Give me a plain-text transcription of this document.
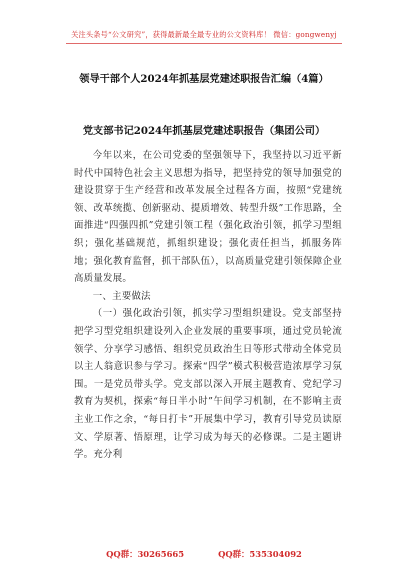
关注头条号“公文研究”，获得最新最全最专业的公文资料库！ 微信：gongwenyj
领导干部个人2024年抓基层党建述职报告汇编（4篇）
党支部书记2024年抓基层党建述职报告（集团公司）

今年以来，在公司党委的坚强领导下，我坚持以习近平新时代中国特色社会主义思想为指导，把坚持党的领导加强党的建设贯穿于生产经营和改革发展全过程各方面，按照“党建统领、改革统揽、创新驱动、提质增效、转型升级”工作思路，全面推进“四强四抓”党建引领工程（强化政治引领，抓学习型组织；强化基础规范，抓组织建设；强化责任担当，抓服务阵地；强化教育监督，抓干部队伍），以高质量党建引领保障企业高质量发展。

一、主要做法

（一）强化政治引领，抓实学习型组织建设。党支部坚持把学习型党组织建设列入企业发展的重要事项，通过党员轮流领学、分享学习感悟、组织党员政治生日等形式带动全体党员以主人翁意识参与学习。探索“四学”模式积极营造浓厚学习氛围。一是党员带头学。党支部以深入开展主题教育、党纪学习教育为契机，探索“每日半小时”午间学习机制，在不影响主责主业工作之余，“每日打卡”开展集中学习，教育引导党员读原文、学原著、悟原理，让学习成为每天的必修课。二是主题讲学。充分利

QQ群：30265665	QQ群：535304092
